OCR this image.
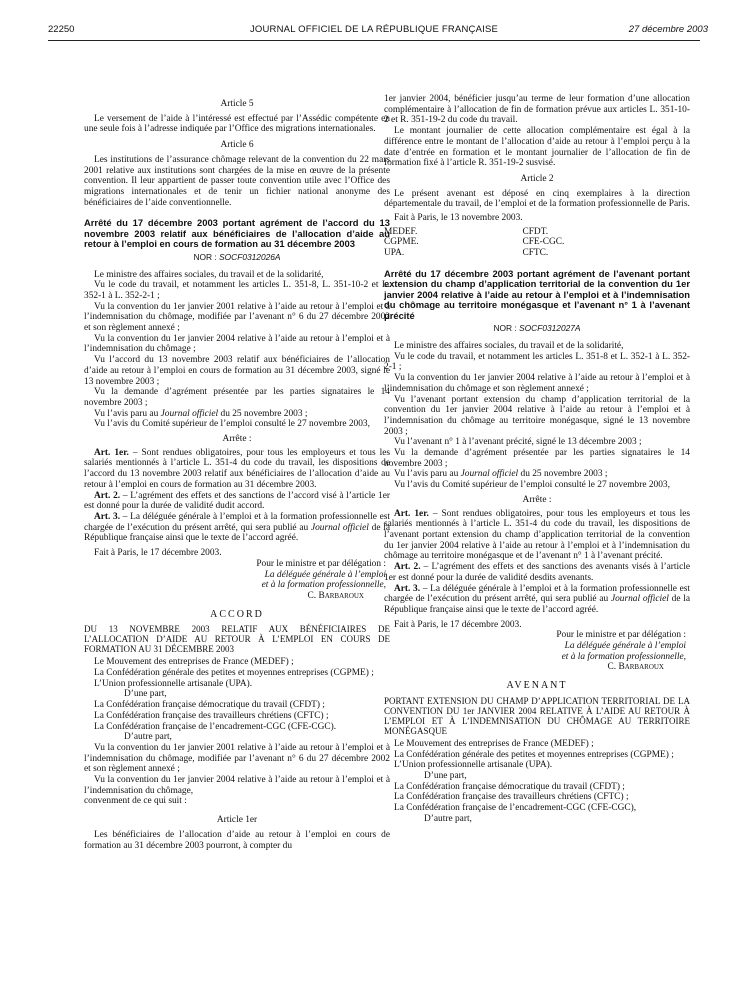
22250	JOURNAL OFFICIEL DE LA RÉPUBLIQUE FRANÇAISE	27 décembre 2003

Article 5

Le versement de l’aide à l’intéressé est effectué par l’Assédic compétente en une seule fois à l’adresse indiquée par l’Office des migrations internationales.

Article 6

Les institutions de l’assurance chômage relevant de la convention du 22 mars 2001 relative aux institutions sont chargées de la mise en œuvre de la présente convention. Il leur appartient de passer toute convention utile avec l’Office des migrations internationales et de tenir un fichier national anonyme des bénéficiaires de l’aide conventionnelle.

Arrêté du 17 décembre 2003 portant agrément de l’accord du 13 novembre 2003 relatif aux bénéficiaires de l’allocation d’aide au retour à l’emploi en cours de formation au 31 décembre 2003

NOR : SOCF0312026A

Le ministre des affaires sociales, du travail et de la solidarité,

Vu le code du travail, et notamment les articles L. 351-8, L. 351-10-2 et L. 352-1 à L. 352-2-1 ;

Vu la convention du 1er janvier 2001 relative à l’aide au retour à l’emploi et à l’indemnisation du chômage, modifiée par l’avenant n° 6 du 27 décembre 2002 et son règlement annexé ;

Vu la convention du 1er janvier 2004 relative à l’aide au retour à l’emploi et à l’indemnisation du chômage ;

Vu l’accord du 13 novembre 2003 relatif aux bénéficiaires de l’allocation d’aide au retour à l’emploi en cours de formation au 31 décembre 2003, signé le 13 novembre 2003 ;

Vu la demande d’agrément présentée par les parties signataires le 14 novembre 2003 ;

Vu l’avis paru au Journal officiel du 25 novembre 2003 ;

Vu l’avis du Comité supérieur de l’emploi consulté le 27 novembre 2003,

Arrête :

Art. 1er. – Sont rendues obligatoires, pour tous les employeurs et tous les salariés mentionnés à l’article L. 351-4 du code du travail, les dispositions de l’accord du 13 novembre 2003 relatif aux bénéficiaires de l’allocation d’aide au retour à l’emploi en cours de formation au 31 décembre 2003.

Art. 2. – L’agrément des effets et des sanctions de l’accord visé à l’article 1er est donné pour la durée de validité dudit accord.

Art. 3. – La déléguée générale à l’emploi et à la formation professionnelle est chargée de l’exécution du présent arrêté, qui sera publié au Journal officiel de la République française ainsi que le texte de l’accord agréé.

Fait à Paris, le 17 décembre 2003.

Pour le ministre et par délégation :
La déléguée générale à l’emploi
et à la formation professionnelle,
C. Barbaroux

ACCORD

DU 13 NOVEMBRE 2003 RELATIF AUX BÉNÉFICIAIRES DE L’ALLOCATION D’AIDE AU RETOUR À L’EMPLOI EN COURS DE FORMATION AU 31 DÉCEMBRE 2003

Le Mouvement des entreprises de France (MEDEF) ;

La Confédération générale des petites et moyennes entreprises (CGPME) ;

L’Union professionnelle artisanale (UPA).

D’une part,

La Confédération française démocratique du travail (CFDT) ;

La Confédération française des travailleurs chrétiens (CFTC) ;

La Confédération française de l’encadrement-CGC (CFE-CGC).

D’autre part,

Vu la convention du 1er janvier 2001 relative à l’aide au retour à l’emploi et à l’indemnisation du chômage, modifiée par l’avenant n° 6 du 27 décembre 2002 et son règlement annexé ;

Vu la convention du 1er janvier 2004 relative à l’aide au retour à l’emploi et à l’indemnisation du chômage,

convenment de ce qui suit :

Article 1er

Les bénéficiaires de l’allocation d’aide au retour à l’emploi en cours de formation au 31 décembre 2003 pourront, à compter du

1er janvier 2004, bénéficier jusqu’au terme de leur formation d’une allocation complémentaire à l’allocation de fin de formation prévue aux articles L. 351-10-2 et R. 351-19-2 du code du travail.

Le montant journalier de cette allocation complémentaire est égal à la différence entre le montant de l’allocation d’aide au retour à l’emploi perçu à la date d’entrée en formation et le montant journalier de l’allocation de fin de formation fixé à l’article R. 351-19-2 susvisé.

Article 2

Le présent avenant est déposé en cinq exemplaires à la direction départementale du travail, de l’emploi et de la formation professionnelle de Paris.

Fait à Paris, le 13 novembre 2003.

MEDEF.	CFDT.
CGPME.	CFE-CGC.
UPA.	CFTC.

Arrêté du 17 décembre 2003 portant agrément de l’avenant portant extension du champ d’application territorial de la convention du 1er janvier 2004 relative à l’aide au retour à l’emploi et à l’indemnisation du chômage au territoire monégasque et l’avenant n° 1 à l’avenant précité

NOR : SOCF0312027A

Le ministre des affaires sociales, du travail et de la solidarité,

Vu le code du travail, et notamment les articles L. 351-8 et L. 352-1 à L. 352-2-1 ;

Vu la convention du 1er janvier 2004 relative à l’aide au retour à l’emploi et à l’indemnisation du chômage et son règlement annexé ;

Vu l’avenant portant extension du champ d’application territorial de la convention du 1er janvier 2004 relative à l’aide au retour à l’emploi et à l’indemnisation du chômage au territoire monégasque, signé le 13 novembre 2003 ;

Vu l’avenant n° 1 à l’avenant précité, signé le 13 décembre 2003 ;

Vu la demande d’agrément présentée par les parties signataires le 14 novembre 2003 ;

Vu l’avis paru au Journal officiel du 25 novembre 2003 ;

Vu l’avis du Comité supérieur de l’emploi consulté le 27 novembre 2003,

Arrête :

Art. 1er. – Sont rendues obligatoires, pour tous les employeurs et tous les salariés mentionnés à l’article L. 351-4 du code du travail, les dispositions de l’avenant portant extension du champ d’application territorial de la convention du 1er janvier 2004 relative à l’aide au retour à l’emploi et à l’indemnisation du chômage au territoire monégasque et de l’avenant n° 1 à l’avenant précité.

Art. 2. – L’agrément des effets et des sanctions des avenants visés à l’article 1er est donné pour la durée de validité desdits avenants.

Art. 3. – La déléguée générale à l’emploi et à la formation professionnelle est chargée de l’exécution du présent arrêté, qui sera publié au Journal officiel de la République française ainsi que le texte de l’accord agréé.

Fait à Paris, le 17 décembre 2003.

Pour le ministre et par délégation :
La déléguée générale à l’emploi
et à la formation professionnelle,
C. Barbaroux

AVENANT

PORTANT EXTENSION DU CHAMP D’APPLICATION TERRITORIAL DE LA CONVENTION DU 1er JANVIER 2004 RELATIVE À L’AIDE AU RETOUR À L’EMPLOI ET À L’INDEMNISATION DU CHÔMAGE AU TERRITOIRE MONÉGASQUE

Le Mouvement des entreprises de France (MEDEF) ;

La Confédération générale des petites et moyennes entreprises (CGPME) ;

L’Union professionnelle artisanale (UPA).

D’une part,

La Confédération française démocratique du travail (CFDT) ;

La Confédération française des travailleurs chrétiens (CFTC) ;

La Confédération française de l’encadrement-CGC (CFE-CGC),

D’autre part,
